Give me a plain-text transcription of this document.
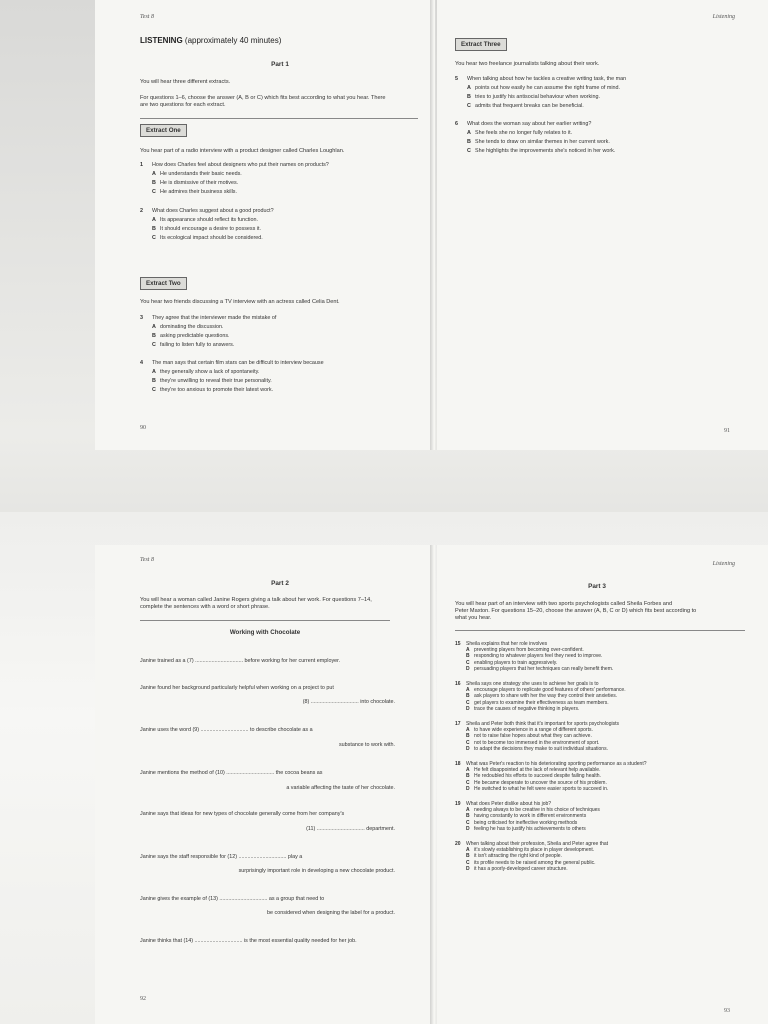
Test 8
LISTENING (approximately 40 minutes)
Part 1
You will hear three different extracts.
For questions 1–6, choose the answer (A, B or C) which fits best according to what you hear. There
are two questions for each extract.
Extract One
You hear part of a radio interview with a product designer called Charles Loughlan.
1 How does Charles feel about designers who put their names on products?
A He understands their basic needs.
B He is dismissive of their motives.
C He admires their business skills.
2 What does Charles suggest about a good product?
A Its appearance should reflect its function.
B It should encourage a desire to possess it.
C Its ecological impact should be considered.
Extract Two
You hear two friends discussing a TV interview with an actress called Celia Dent.
3 They agree that the interviewer made the mistake of
A dominating the discussion.
B asking predictable questions.
C failing to listen fully to answers.
4 The man says that certain film stars can be difficult to interview because
A they generally show a lack of spontaneity.
B they're unwilling to reveal their true personality.
C they're too anxious to promote their latest work.
90
Listening
Extract Three
You hear two freelance journalists talking about their work.
5 When talking about how he tackles a creative writing task, the man
A points out how easily he can assume the right frame of mind.
B tries to justify his antisocial behaviour when working.
C admits that frequent breaks can be beneficial.
6 What does the woman say about her earlier writing?
A She feels she no longer fully relates to it.
B She tends to draw on similar themes in her current work.
C She highlights the improvements she's noticed in her work.
91
Test 8
Part 2
You will hear a woman called Janine Rogers giving a talk about her work. For questions 7–14,
complete the sentences with a word or short phrase.
Working with Chocolate
Janine trained as a (7) ................................ before working for her current employer.
Janine found her background particularly helpful when working on a project to put
(8) ................................ into chocolate.
Janine uses the word (9) ................................ to describe chocolate as a
substance to work with.
Janine mentions the method of (10) ................................ the cocoa beans as
a variable affecting the taste of her chocolate.
Janine says that ideas for new types of chocolate generally come from her company's
(11) ................................ department.
Janine says the staff responsible for (12) ................................ play a
surprisingly important role in developing a new chocolate product.
Janine gives the example of (13) ................................ as a group that need to
be considered when designing the label for a product.
Janine thinks that (14) ................................ is the most essential quality needed for her job.
92
Listening
Part 3
You will hear part of an interview with two sports psychologists called Sheila Forbes and
Peter Maxton. For questions 15–20, choose the answer (A, B, C or D) which fits best according to
what you hear.
15 Sheila explains that her role involves
A preventing players from becoming over-confident.
B responding to whatever players feel they need to improve.
C enabling players to train aggressively.
D persuading players that her techniques can really benefit them.
16 Sheila says one strategy she uses to achieve her goals is to
A encourage players to replicate good features of others' performance.
B ask players to share with her the way they control their anxieties.
C get players to examine their effectiveness as team members.
D trace the causes of negative thinking in players.
17 Sheila and Peter both think that it's important for sports psychologists
A to have wide experience in a range of different sports.
B not to raise false hopes about what they can achieve.
C not to become too immersed in the environment of sport.
D to adapt the decisions they make to suit individual situations.
18 What was Peter's reaction to his deteriorating sporting performance as a student?
A He felt disappointed at the lack of relevant help available.
B He redoubled his efforts to succeed despite failing health.
C He became desperate to uncover the source of his problem.
D He switched to what he felt were easier sports to succeed in.
19 What does Peter dislike about his job?
A needing always to be creative in his choice of techniques
B having constantly to work in different environments
C being criticised for ineffective working methods
D feeling he has to justify his achievements to others
20 When talking about their profession, Sheila and Peter agree that
A it's slowly establishing its place in player development.
B it isn't attracting the right kind of people.
C its profile needs to be raised among the general public.
D it has a poorly-developed career structure.
93
